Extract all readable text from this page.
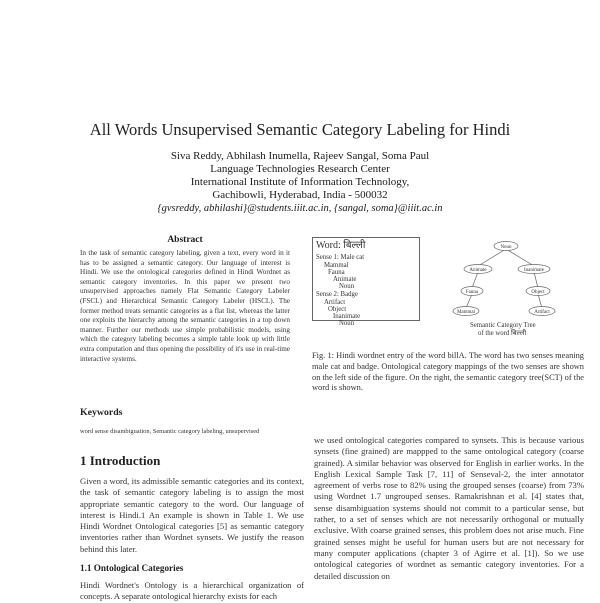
All Words Unsupervised Semantic Category Labeling for Hindi
Siva Reddy, Abhilash Inumella, Rajeev Sangal, Soma Paul
Language Technologies Research Center
International Institute of Information Technology,
Gachibowli, Hyderabad, India - 500032
{gvsreddy, abhilashi}@students.iiit.ac.in, {sangal, soma}@iiit.ac.in
Abstract
In the task of semantic category labeling, given a text, every word in it has to be assigned a semantic category. Our language of interest is Hindi. We use the ontological categories defined in Hindi Wordnet as semantic category inventories. In this paper we present two unsupervised approaches namely Flat Semantic Category Labeler (FSCL) and Hierarchical Semantic Category Labeler (HSCL). The former method treats semantic categories as a flat list, whereas the latter one exploits the hierarchy among the semantic categories in a top down manner. Further our methods use simple probabilistic models, using which the category labeling becomes a simple table look up with little extra computation and thus opening the possibility of it's use in real-time interactive systems.
Keywords
word sense disambiguation, Semantic category labeling, unsupervised
1 Introduction
Given a word, its admissible semantic categories and its context, the task of semantic category labeling is to assign the most appropriate semantic category to the word. Our language of interest is Hindi.1 An example is shown in Table 1. We use Hindi Wordnet Ontological categories [5] as semantic category inventories rather than Wordnet synsets. We justify the reason behind this later.
1.1 Ontological Categories
Hindi Wordnet's Ontology is a hierarchical organization of concepts. A separate ontological hierarchy exists for each
we used ontological categories compared to synsets. This is because various synsets (fine grained) are mappped to the same ontological category (coarse grained). A similar behavior was observed for English in earlier works. In the English Lexical Sample Task [7, 11] of Senseval-2, the inter annotator agreement of verbs rose to 82% using the grouped senses (coarse) from 73% using Wordnet 1.7 ungrouped senses. Ramakrishnan et al. [4] states that, sense disambiguation systems should not commit to a particular sense, but rather, to a set of senses which are not necessarily orthogonal or mutually exclusive. With coarse grained senses, this problem does not arise much. Fine grained senses might be useful for human users but are not necessary for many computer applications (chapter 3 of Agirre et al. [1]). So we use ontological categories of wordnet as semantic category inventories. For a detailed discussion on
Word: बिल्ली
Sense 1: Male cat
Mammal
Fauna
Animate
Noun
Sense 2: Badge
Artifact
Object
Inanimate
Noun
Noun
Animate	Inanimate
Fauna	Object
Mammal	Artifact
Semantic Category Tree
of the word बिल्ली
Fig. 1: Hindi wordnet entry of the word billA. The word has two senses meaning male cat and badge. Ontological category mappings of the two senses are shown on the left side of the figure. On the right, the semantic category tree(SCT) of the word is shown.
